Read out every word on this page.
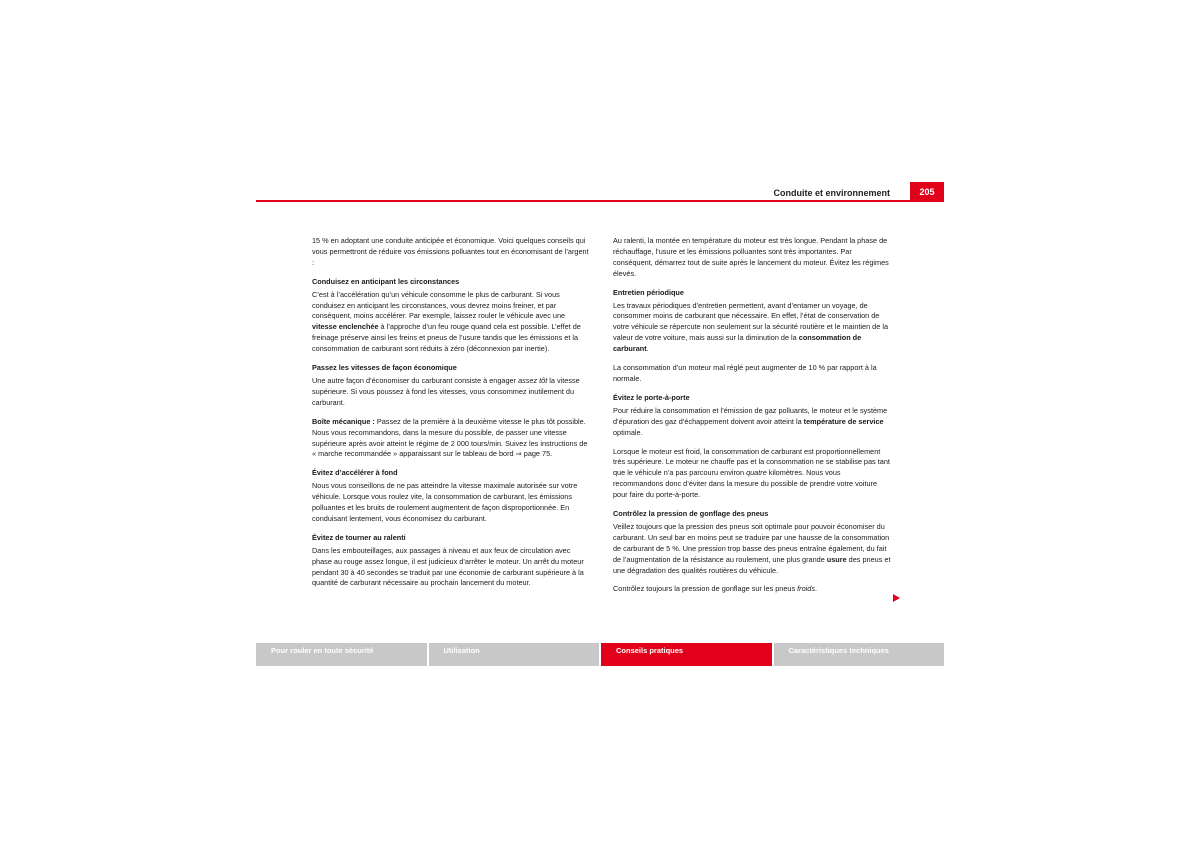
Conduite et environnement	205

15 % en adoptant une conduite anticipée et économique. Voici quelques conseils qui vous permettront de réduire vos émissions polluantes tout en économisant de l’argent :

Conduisez en anticipant les circonstances

C’est à l’accélération qu’un véhicule consomme le plus de carburant. Si vous conduisez en anticipant les circonstances, vous devrez moins freiner, et par conséquent, moins accélérer. Par exemple, laissez rouler le véhicule avec une vitesse enclenchée à l’approche d’un feu rouge quand cela est possible. L’effet de freinage préserve ainsi les freins et pneus de l’usure tandis que les émissions et la consommation de carburant sont réduits à zéro (déconnexion par inertie).

Passez les vitesses de façon économique

Une autre façon d’économiser du carburant consiste à engager assez tôt la vitesse supérieure. Si vous poussez à fond les vitesses, vous consommez inutilement du carburant.

Boîte mécanique : Passez de la première à la deuxième vitesse le plus tôt possible. Nous vous recommandons, dans la mesure du possible, de passer une vitesse supérieure après avoir atteint le régime de 2 000 tours/min. Suivez les instructions de « marche recommandée » apparaissant sur le tableau de bord ⇒ page 75.

Évitez d’accélérer à fond

Nous vous conseillons de ne pas atteindre la vitesse maximale autorisée sur votre véhicule. Lorsque vous roulez vite, la consommation de carburant, les émissions polluantes et les bruits de roulement augmentent de façon disproportionnée. En conduisant lentement, vous économisez du carburant.

Évitez de tourner au ralenti

Dans les embouteillages, aux passages à niveau et aux feux de circulation avec phase au rouge assez longue, il est judicieux d’arrêter le moteur. Un arrêt du moteur pendant 30 à 40 secondes se traduit par une économie de carburant supérieure à la quantité de carburant nécessaire au prochain lancement du moteur.

Au ralenti, la montée en température du moteur est très longue. Pendant la phase de réchauffage, l’usure et les émissions polluantes sont très importantes. Par conséquent, démarrez tout de suite après le lancement du moteur. Évitez les régimes élevés.

Entretien périodique

Les travaux périodiques d’entretien permettent, avant d’entamer un voyage, de consommer moins de carburant que nécessaire. En effet, l’état de conservation de votre véhicule se répercute non seulement sur la sécurité routière et le maintien de la valeur de votre voiture, mais aussi sur la diminution de la consommation de carburant.

La consommation d’un moteur mal réglé peut augmenter de 10 % par rapport à la normale.

Évitez le porte-à-porte

Pour réduire la consommation et l’émission de gaz polluants, le moteur et le système d’épuration des gaz d’échappement doivent avoir atteint la température de service optimale.

Lorsque le moteur est froid, la consommation de carburant est proportionnellement très supérieure. Le moteur ne chauffe pas et la consommation ne se stabilise pas tant que le véhicule n’a pas parcouru environ quatre kilomètres. Nous vous recommandons donc d’éviter dans la mesure du possible de prendre votre voiture pour faire du porte-à-porte.

Contrôlez la pression de gonflage des pneus

Veillez toujours que la pression des pneus soit optimale pour pouvoir économiser du carburant. Un seul bar en moins peut se traduire par une hausse de la consommation de carburant de 5 %. Une pression trop basse des pneus entraîne également, du fait de l’augmentation de la résistance au roulement, une plus grande usure des pneus et une dégradation des qualités routières du véhicule.

Contrôlez toujours la pression de gonflage sur les pneus froids.

Pour rouler en toute sécurité	Utilisation	Conseils pratiques	Caractéristiques techniques
